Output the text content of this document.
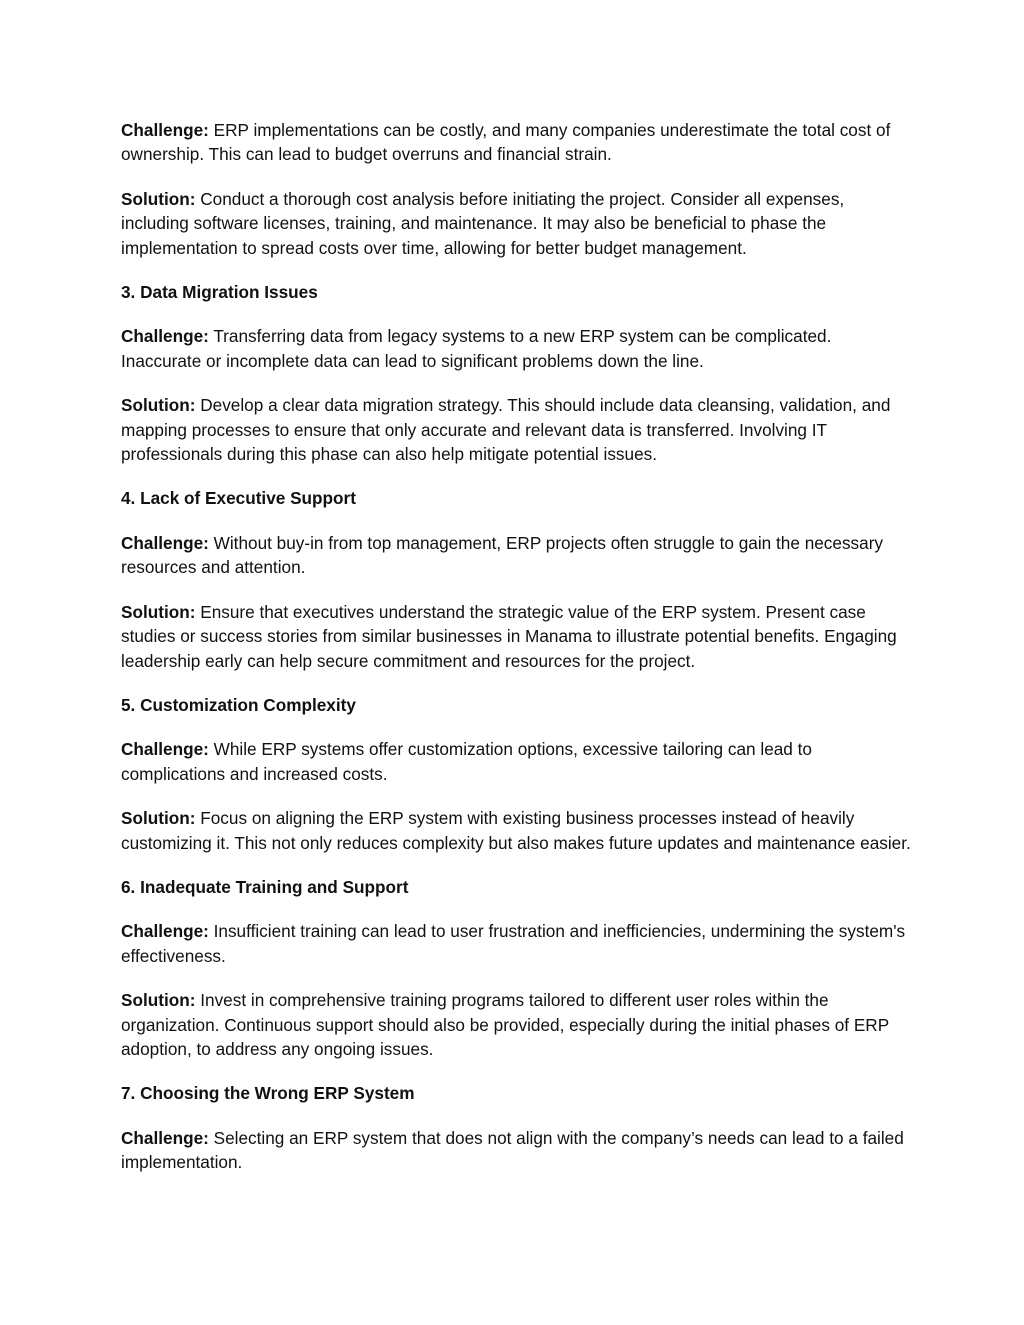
Challenge: ERP implementations can be costly, and many companies underestimate the total cost of ownership. This can lead to budget overruns and financial strain.

Solution: Conduct a thorough cost analysis before initiating the project. Consider all expenses, including software licenses, training, and maintenance. It may also be beneficial to phase the implementation to spread costs over time, allowing for better budget management.

3. Data Migration Issues

Challenge: Transferring data from legacy systems to a new ERP system can be complicated. Inaccurate or incomplete data can lead to significant problems down the line.

Solution: Develop a clear data migration strategy. This should include data cleansing, validation, and mapping processes to ensure that only accurate and relevant data is transferred. Involving IT professionals during this phase can also help mitigate potential issues.

4. Lack of Executive Support

Challenge: Without buy-in from top management, ERP projects often struggle to gain the necessary resources and attention.

Solution: Ensure that executives understand the strategic value of the ERP system. Present case studies or success stories from similar businesses in Manama to illustrate potential benefits. Engaging leadership early can help secure commitment and resources for the project.

5. Customization Complexity

Challenge: While ERP systems offer customization options, excessive tailoring can lead to complications and increased costs.

Solution: Focus on aligning the ERP system with existing business processes instead of heavily customizing it. This not only reduces complexity but also makes future updates and maintenance easier.

6. Inadequate Training and Support

Challenge: Insufficient training can lead to user frustration and inefficiencies, undermining the system's effectiveness.

Solution: Invest in comprehensive training programs tailored to different user roles within the organization. Continuous support should also be provided, especially during the initial phases of ERP adoption, to address any ongoing issues.

7. Choosing the Wrong ERP System

Challenge: Selecting an ERP system that does not align with the company’s needs can lead to a failed implementation.
